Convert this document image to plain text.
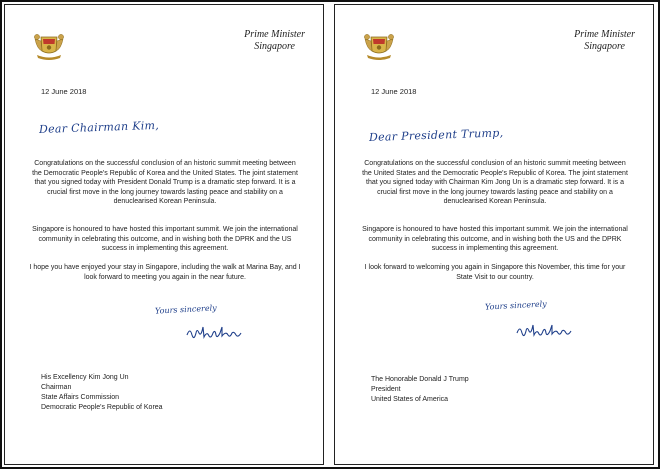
Prime Minister
Singapore
12 June 2018
Dear Chairman Kim,
Congratulations on the successful conclusion of an historic summit meeting between the Democratic People's Republic of Korea and the United States. The joint statement that you signed today with President Donald Trump is a dramatic step forward. It is a crucial first move in the long journey towards lasting peace and stability on a denuclearised Korean Peninsula.
Singapore is honoured to have hosted this important summit. We join the international community in celebrating this outcome, and in wishing both the DPRK and the US success in implementing this agreement.
I hope you have enjoyed your stay in Singapore, including the walk at Marina Bay, and I look forward to meeting you again in the near future.
Yours sincerely
His Excellency Kim Jong Un
Chairman
State Affairs Commission
Democratic People's Republic of Korea
Prime Minister
Singapore
12 June 2018
Dear President Trump,
Congratulations on the successful conclusion of an historic summit meeting between the United States and the Democratic People's Republic of Korea. The joint statement that you signed today with Chairman Kim Jong Un is a dramatic step forward. It is a crucial first move in the long journey towards lasting peace and stability on a denuclearised Korean Peninsula.
Singapore is honoured to have hosted this important summit. We join the international community in celebrating this outcome, and in wishing both the US and the DPRK success in implementing this agreement.
I look forward to welcoming you again in Singapore this November, this time for your State Visit to our country.
Yours sincerely
The Honorable Donald J Trump
President
United States of America
